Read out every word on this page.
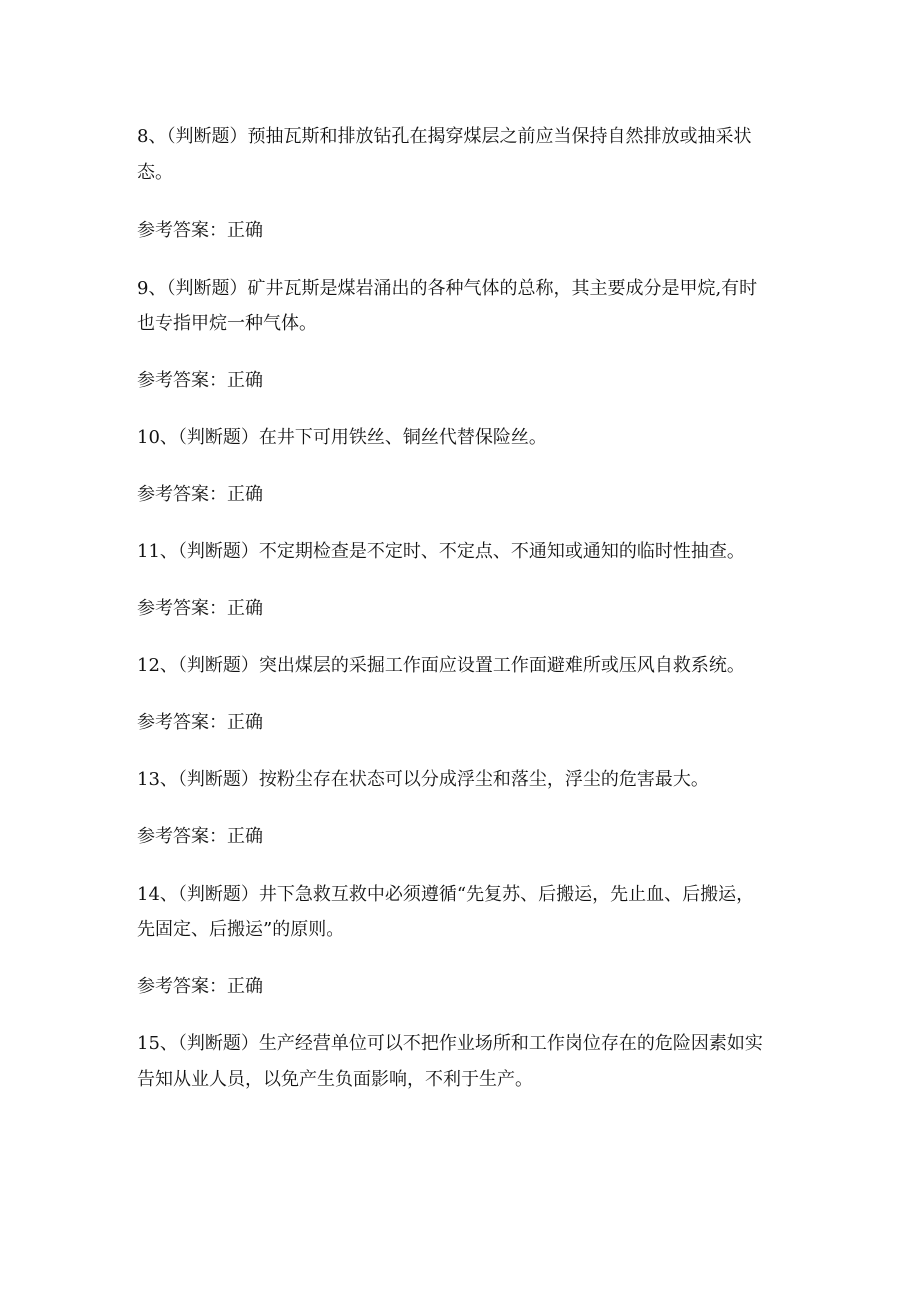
8、（判断题）预抽瓦斯和排放钻孔在揭穿煤层之前应当保持自然排放或抽采状
态。
参考答案：正确
9、（判断题）矿井瓦斯是煤岩涌出的各种气体的总称，其主要成分是甲烷,有时
也专指甲烷一种气体。
参考答案：正确
10、（判断题）在井下可用铁丝、铜丝代替保险丝。
参考答案：正确
11、（判断题）不定期检查是不定时、不定点、不通知或通知的临时性抽查。
参考答案：正确
12、（判断题）突出煤层的采掘工作面应设置工作面避难所或压风自救系统。
参考答案：正确
13、（判断题）按粉尘存在状态可以分成浮尘和落尘，浮尘的危害最大。
参考答案：正确
14、（判断题）井下急救互救中必须遵循“先复苏、后搬运，先止血、后搬运，
先固定、后搬运”的原则。
参考答案：正确
15、（判断题）生产经营单位可以不把作业场所和工作岗位存在的危险因素如实
告知从业人员，以免产生负面影响，不利于生产。
